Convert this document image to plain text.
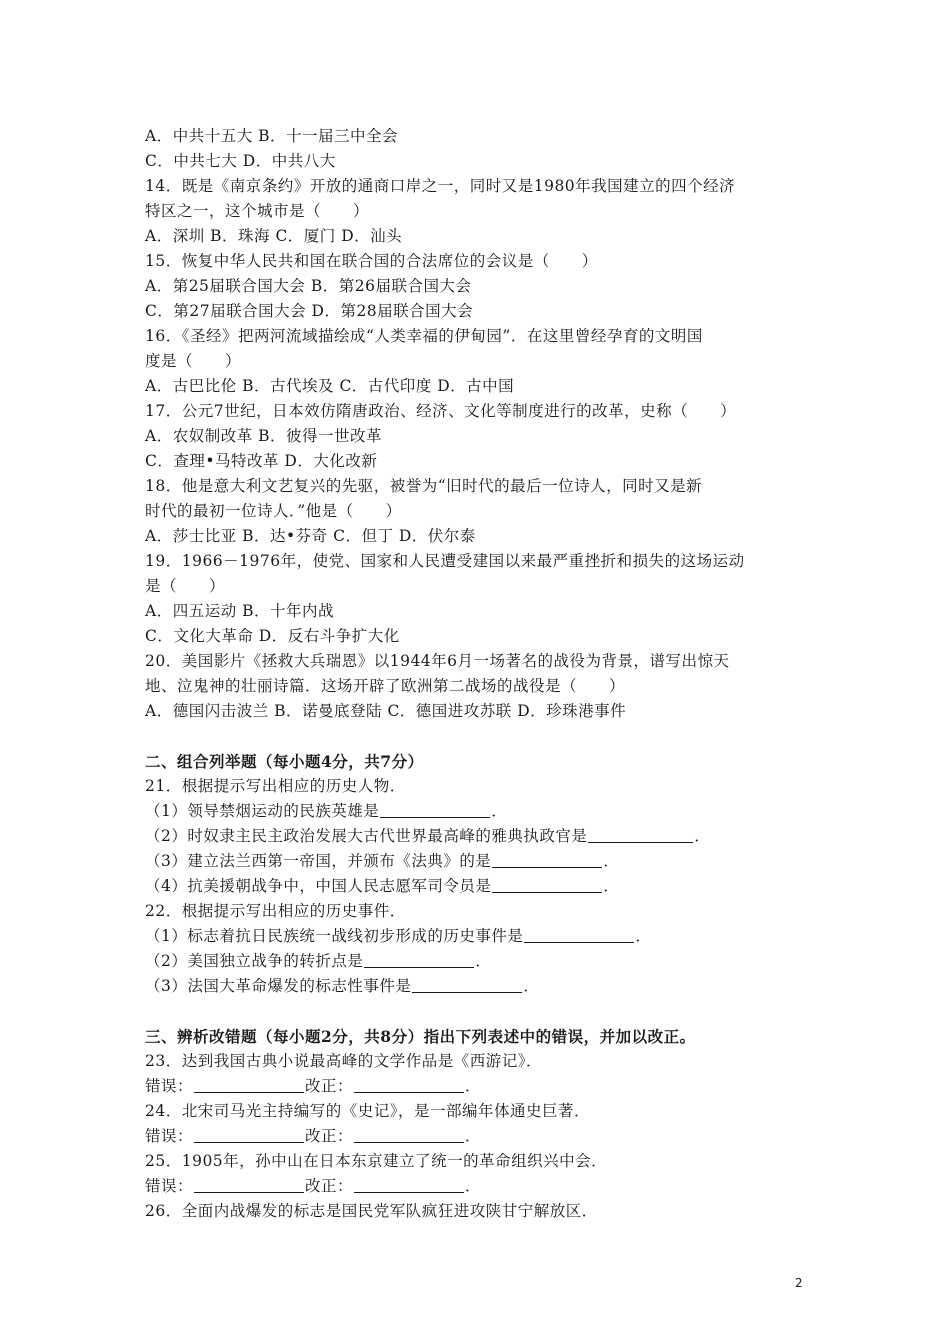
A．中共十五大 B．十一届三中全会
C．中共七大 D．中共八大
14．既是《南京条约》开放的通商口岸之一，同时又是1980年我国建立的四个经济
特区之一，这个城市是（　　）
A．深圳 B．珠海 C．厦门 D．汕头
15．恢复中华人民共和国在联合国的合法席位的会议是（　　）
A．第25届联合国大会 B．第26届联合国大会
C．第27届联合国大会 D．第28届联合国大会
16．《圣经》把两河流域描绘成“人类幸福的伊甸园”．在这里曾经孕育的文明国
度是（　　）
A．古巴比伦 B．古代埃及 C．古代印度 D．古中国
17．公元7世纪，日本效仿隋唐政治、经济、文化等制度进行的改革，史称（　　）
A．农奴制改革 B．彼得一世改革
C．查理•马特改革 D．大化改新
18．他是意大利文艺复兴的先驱，被誉为“旧时代的最后一位诗人，同时又是新
时代的最初一位诗人．”他是（　　）
A．莎士比亚 B．达•芬奇 C．但丁 D．伏尔泰
19．1966－1976年，使党、国家和人民遭受建国以来最严重挫折和损失的这场运动
是（　　）
A．四五运动 B．十年内战
C．文化大革命 D．反右斗争扩大化
20．美国影片《拯救大兵瑞恩》以1944年6月一场著名的战役为背景，谱写出惊天
地、泣鬼神的壮丽诗篇．这场开辟了欧洲第二战场的战役是（　　）
A．德国闪击波兰 B．诺曼底登陆 C．德国进攻苏联 D．珍珠港事件
二、组合列举题（每小题4分，共7分）
21．根据提示写出相应的历史人物．
（1）领导禁烟运动的民族英雄是	．
（2）时奴隶主民主政治发展大古代世界最高峰的雅典执政官是	．
（3）建立法兰西第一帝国，并颁布《法典》的是	．
（4）抗美援朝战争中，中国人民志愿军司令员是	．
22．根据提示写出相应的历史事件．
（1）标志着抗日民族统一战线初步形成的历史事件是	．
（2）美国独立战争的转折点是	．
（3）法国大革命爆发的标志性事件是	．
三、辨析改错题（每小题2分，共8分）指出下列表述中的错误，并加以改正。
23．达到我国古典小说最高峰的文学作品是《西游记》．
错误：	改正：	．
24．北宋司马光主持编写的《史记》，是一部编年体通史巨著．
错误：	改正：	．
25．1905年，孙中山在日本东京建立了统一的革命组织兴中会．
错误：	改正：	．
26．全面内战爆发的标志是国民党军队疯狂进攻陕甘宁解放区．
2
